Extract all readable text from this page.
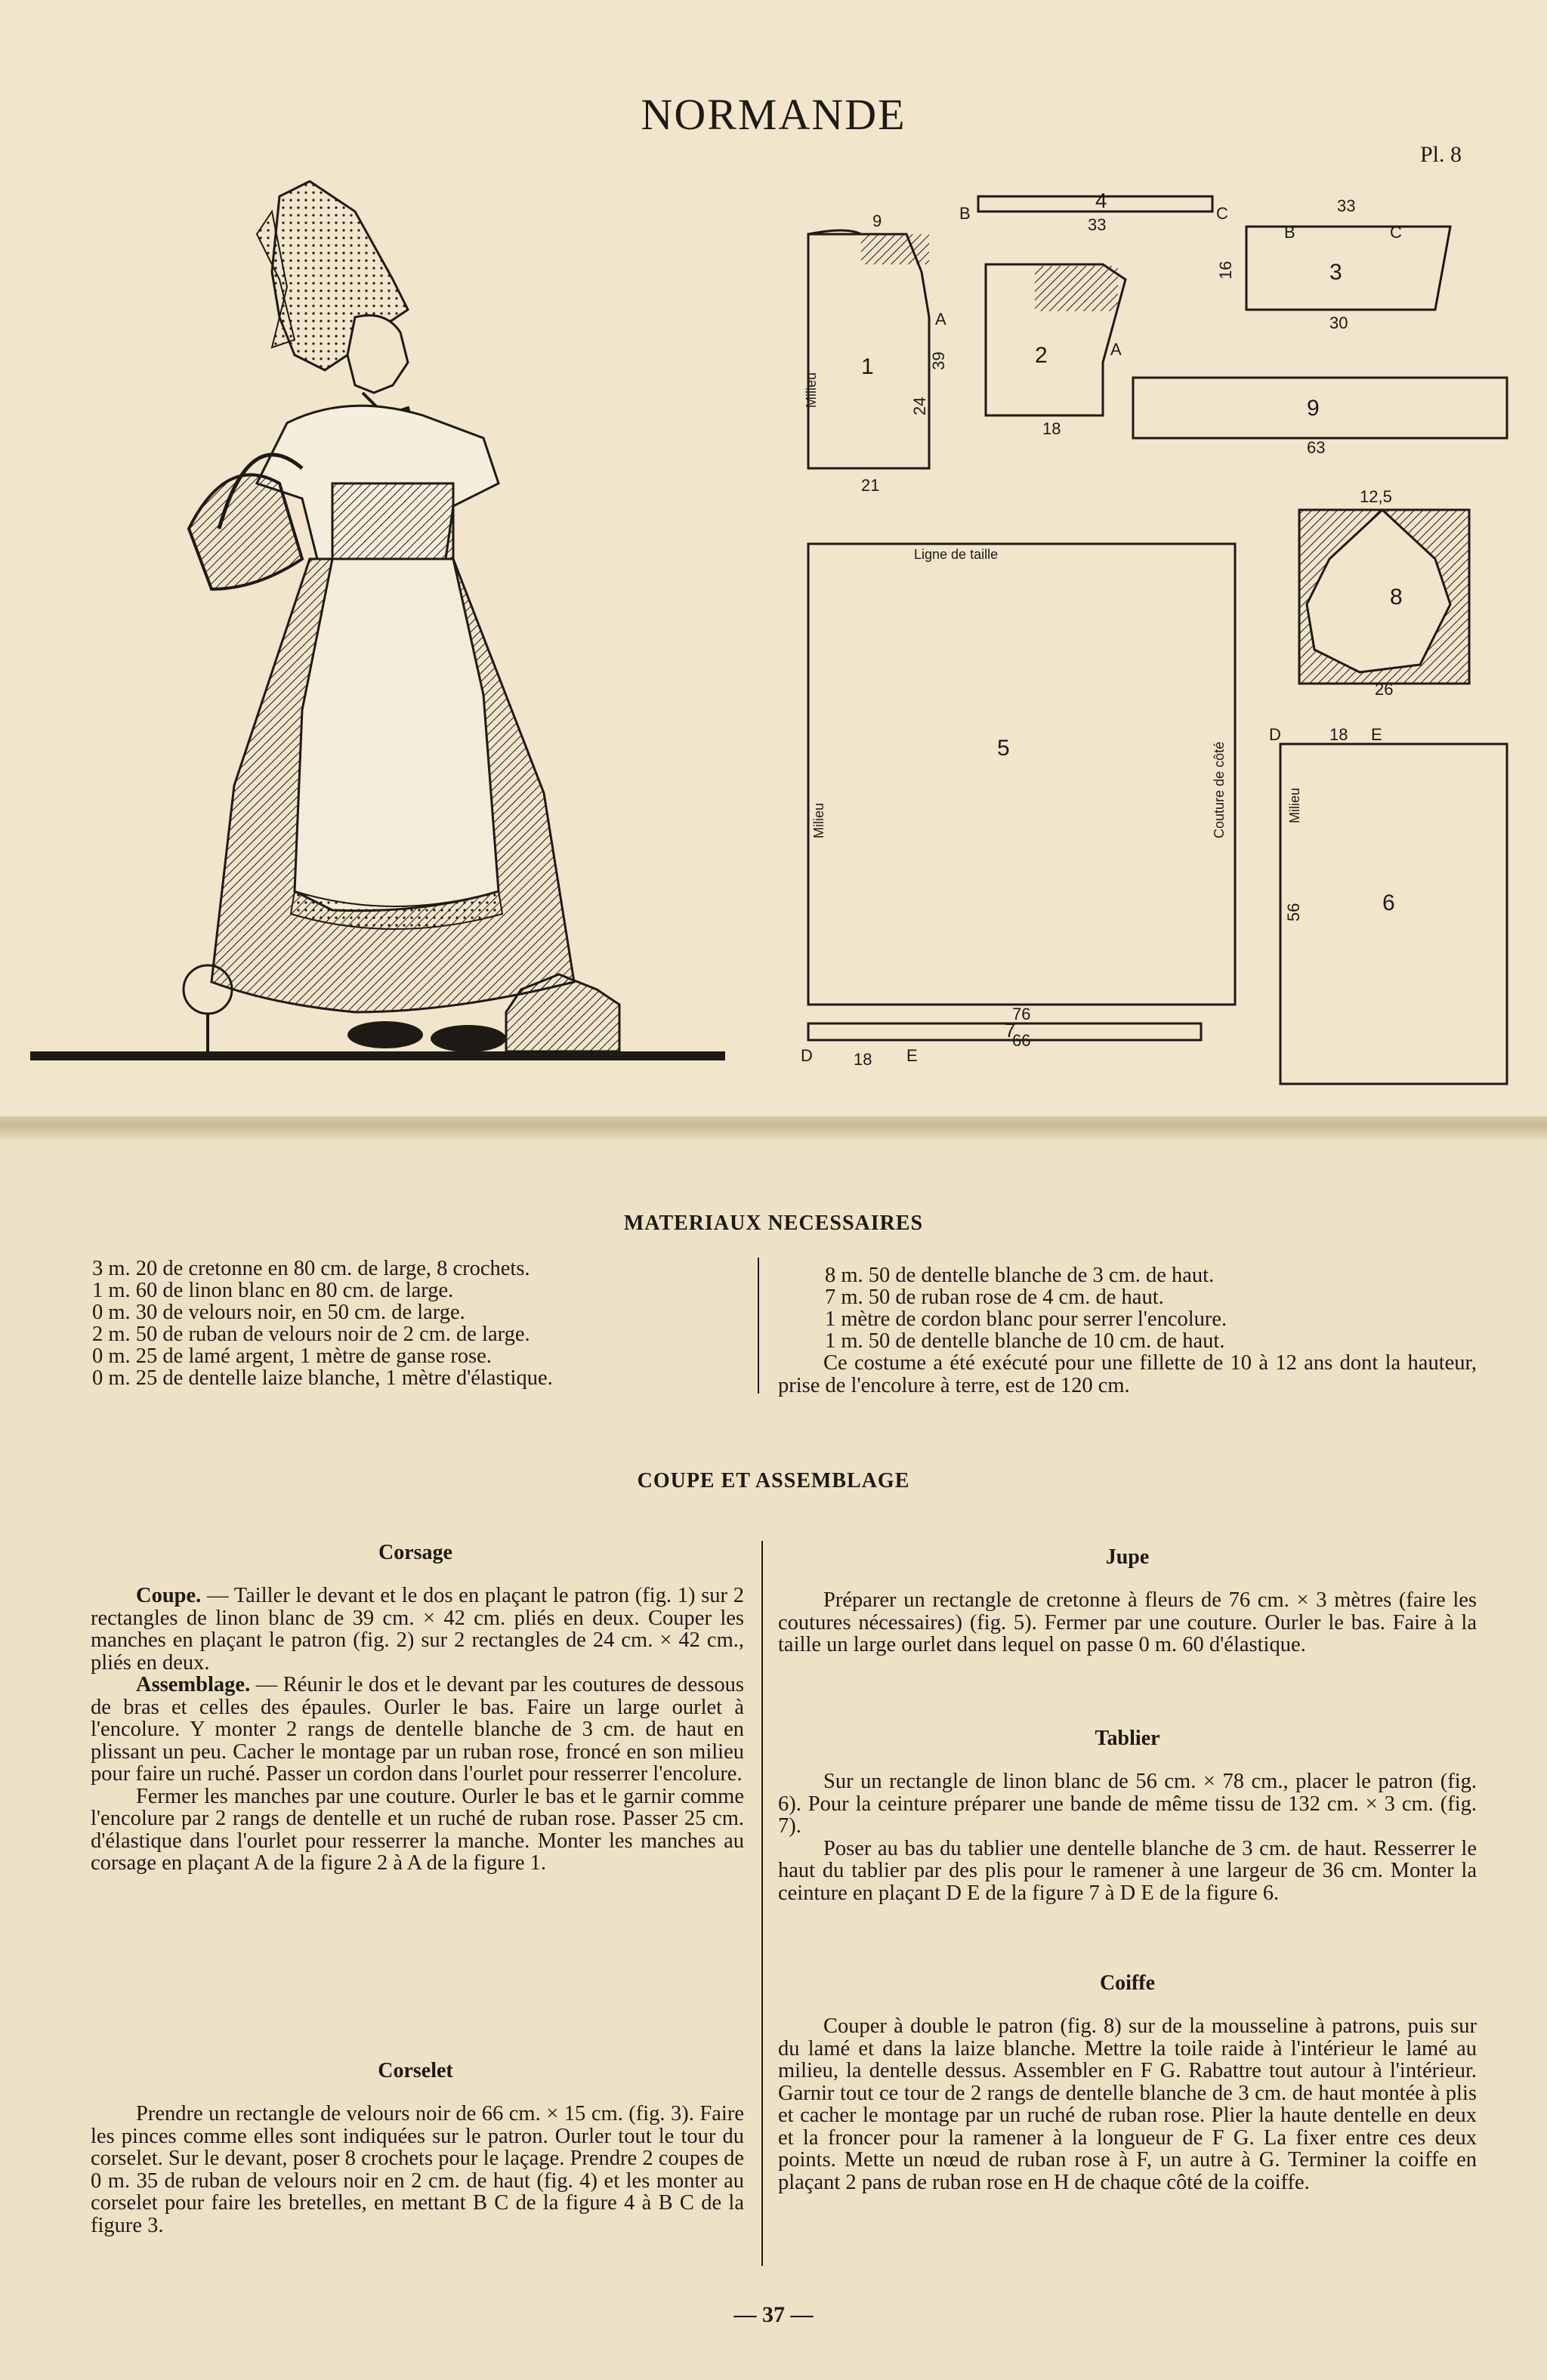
NORMANDE
Pl. 8
1
Milieu
21
A
39
24
9
4
B	C
33
2
18
A
3
33
30
B	C
16
9
63
8
26
12,5
Ligne de taille
5
Milieu	Couture de côté
76
66
7
18
D	E
6
Milieu
56
18 E
D
MATERIAUX NECESSAIRES
3 m. 20 de cretonne en 80 cm. de large, 8 crochets.
1 m. 60 de linon blanc en 80 cm. de large.
0 m. 30 de velours noir, en 50 cm. de large.
2 m. 50 de ruban de velours noir de 2 cm. de large.
0 m. 25 de lamé argent, 1 mètre de ganse rose.
0 m. 25 de dentelle laize blanche, 1 mètre d'élastique.
8 m. 50 de dentelle blanche de 3 cm. de haut.
7 m. 50 de ruban rose de 4 cm. de haut.
1 mètre de cordon blanc pour serrer l'encolure.
1 m. 50 de dentelle blanche de 10 cm. de haut.
Ce costume a été exécuté pour une fillette de 10 à 12 ans dont la hauteur, prise de l'encolure à terre, est de 120 cm.
COUPE ET ASSEMBLAGE
Corsage

Coupe. — Tailler le devant et le dos en plaçant le patron (fig. 1) sur 2 rectangles de linon blanc de 39 cm. × 42 cm. pliés en deux. Couper les manches en plaçant le patron (fig. 2) sur 2 rectangles de 24 cm. × 42 cm., pliés en deux.

Assemblage. — Réunir le dos et le devant par les coutures de dessous de bras et celles des épaules. Ourler le bas. Faire un large ourlet à l'encolure. Y monter 2 rangs de dentelle blanche de 3 cm. de haut en plissant un peu. Cacher le montage par un ruban rose, froncé en son milieu pour faire un ruché. Passer un cordon dans l'ourlet pour resserrer l'encolure.

Fermer les manches par une couture. Ourler le bas et le garnir comme l'encolure par 2 rangs de dentelle et un ruché de ruban rose. Passer 25 cm. d'élastique dans l'ourlet pour resserrer la manche. Monter les manches au corsage en plaçant A de la figure 2 à A de la figure 1.

Corselet
Prendre un rectangle de velours noir de 66 cm. × 15 cm. (fig. 3). Faire les pinces comme elles sont indiquées sur le patron. Ourler tout le tour du corselet. Sur le devant, poser 8 crochets pour le laçage. Prendre 2 coupes de 0 m. 35 de ruban de velours noir en 2 cm. de haut (fig. 4) et les monter au corselet pour faire les bretelles, en mettant B C de la figure 4 à B C de la figure 3.
Jupe
Préparer un rectangle de cretonne à fleurs de 76 cm. × 3 mètres (faire les coutures nécessaires) (fig. 5). Fermer par une couture. Ourler le bas. Faire à la taille un large ourlet dans lequel on passe 0 m. 60 d'élastique.
Tablier

Sur un rectangle de linon blanc de 56 cm. × 78 cm., placer le patron (fig. 6). Pour la ceinture préparer une bande de même tissu de 132 cm. × 3 cm. (fig. 7).

Poser au bas du tablier une dentelle blanche de 3 cm. de haut. Resserrer le haut du tablier par des plis pour le ramener à une largeur de 36 cm. Monter la ceinture en plaçant D E de la figure 7 à D E de la figure 6.

Coiffe
Couper à double le patron (fig. 8) sur de la mousseline à patrons, puis sur du lamé et dans la laize blanche. Mettre la toile raide à l'intérieur le lamé au milieu, la dentelle dessus. Assembler en F G. Rabattre tout autour à l'intérieur. Garnir tout ce tour de 2 rangs de dentelle blanche de 3 cm. de haut montée à plis et cacher le montage par un ruché de ruban rose. Plier la haute dentelle en deux et la froncer pour la ramener à la longueur de F G. La fixer entre ces deux points. Mette un nœud de ruban rose à F, un autre à G. Terminer la coiffe en plaçant 2 pans de ruban rose en H de chaque côté de la coiffe.
— 37 —
